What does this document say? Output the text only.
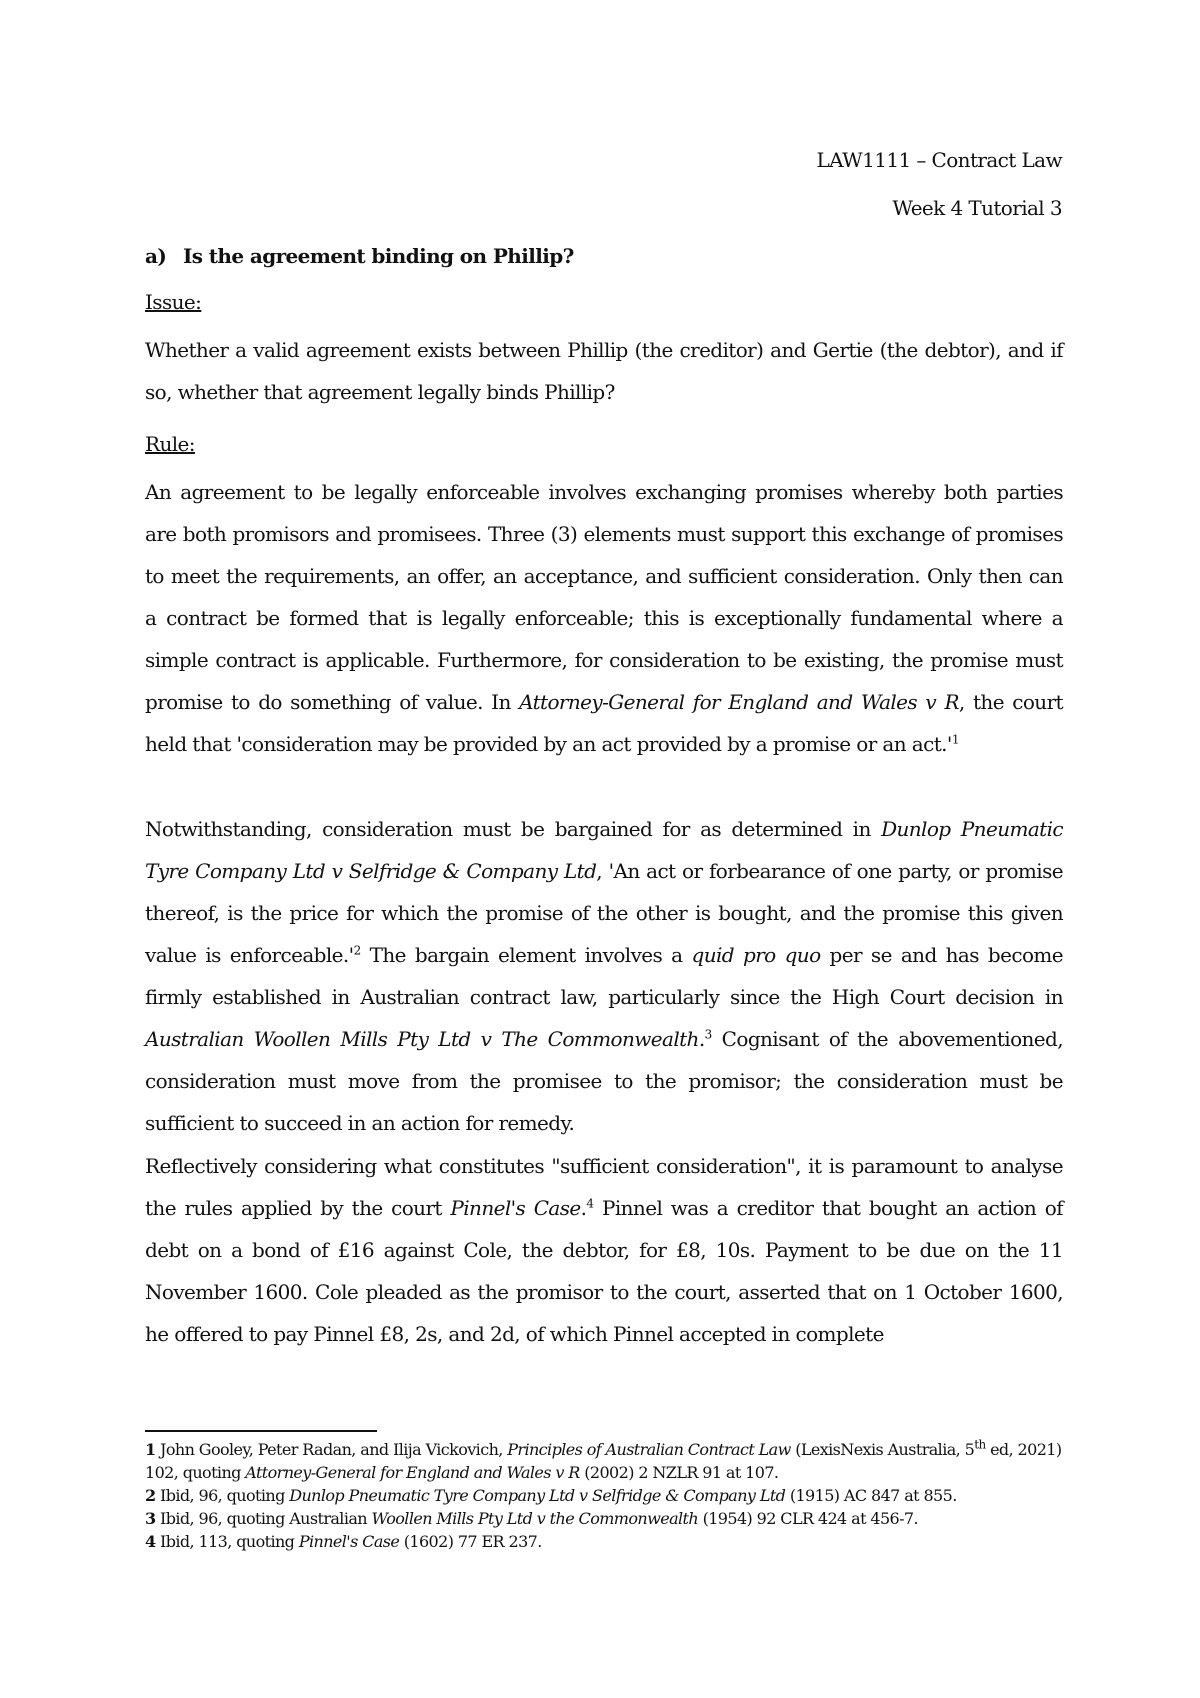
LAW1111 – Contract Law
Week 4 Tutorial 3
a) Is the agreement binding on Phillip?
Issue:
Whether a valid agreement exists between Phillip (the creditor) and Gertie (the debtor), and if so, whether that agreement legally binds Phillip?
Rule:
An agreement to be legally enforceable involves exchanging promises whereby both parties are both promisors and promisees. Three (3) elements must support this exchange of promises to meet the requirements, an offer, an acceptance, and sufficient consideration. Only then can a contract be formed that is legally enforceable; this is exceptionally fundamental where a simple contract is applicable. Furthermore, for consideration to be existing, the promise must promise to do something of value. In Attorney-General for England and Wales v R, the court held that 'consideration may be provided by an act provided by a promise or an $act.'^1$
Notwithstanding, consideration must be bargained for as determined in Dunlop Pneumatic Tyre Company Ltd v Selfridge & Company Ltd, 'An act or forbearance of one party, or promise thereof, is the price for which the promise of the other is bought, and the promise this given value is $enforceable.'^2$ The bargain element involves a quid pro quo per se and has become firmly established in Australian contract law, particularly since the High Court decision in Australian Woollen Mills Pty Ltd v The Commonwealth.$^3$ Cognisant of the abovementioned, consideration must move from the promisee to the promisor; the consideration must be sufficient to succeed in an action for remedy.
Reflectively considering what constitutes "sufficient consideration", it is paramount to analyse the rules applied by the court Pinnel's Case.$^4$ Pinnel was a creditor that bought an action of debt on a bond of £16 against Cole, the debtor, for £8, 10s. Payment to be due on the 11 November 1600. Cole pleaded as the promisor to the court, asserted that on 1 October 1600, he offered to pay Pinnel £8, 2s, and 2d, of which Pinnel accepted in complete

1 John Gooley, Peter Radan, and Ilija Vickovich, Principles of Australian Contract Law (LexisNexis Australia, 5th ed, 2021) 102, quoting Attorney-General for England and Wales v R (2002) 2 NZLR 91 at 107.

2 Ibid, 96, quoting Dunlop Pneumatic Tyre Company Ltd v Selfridge & Company Ltd (1915) AC 847 at 855.

3 Ibid, 96, quoting Australian Woollen Mills Pty Ltd v the Commonwealth (1954) 92 CLR 424 at 456-7.

4 Ibid, 113, quoting Pinnel's Case (1602) 77 ER 237.
